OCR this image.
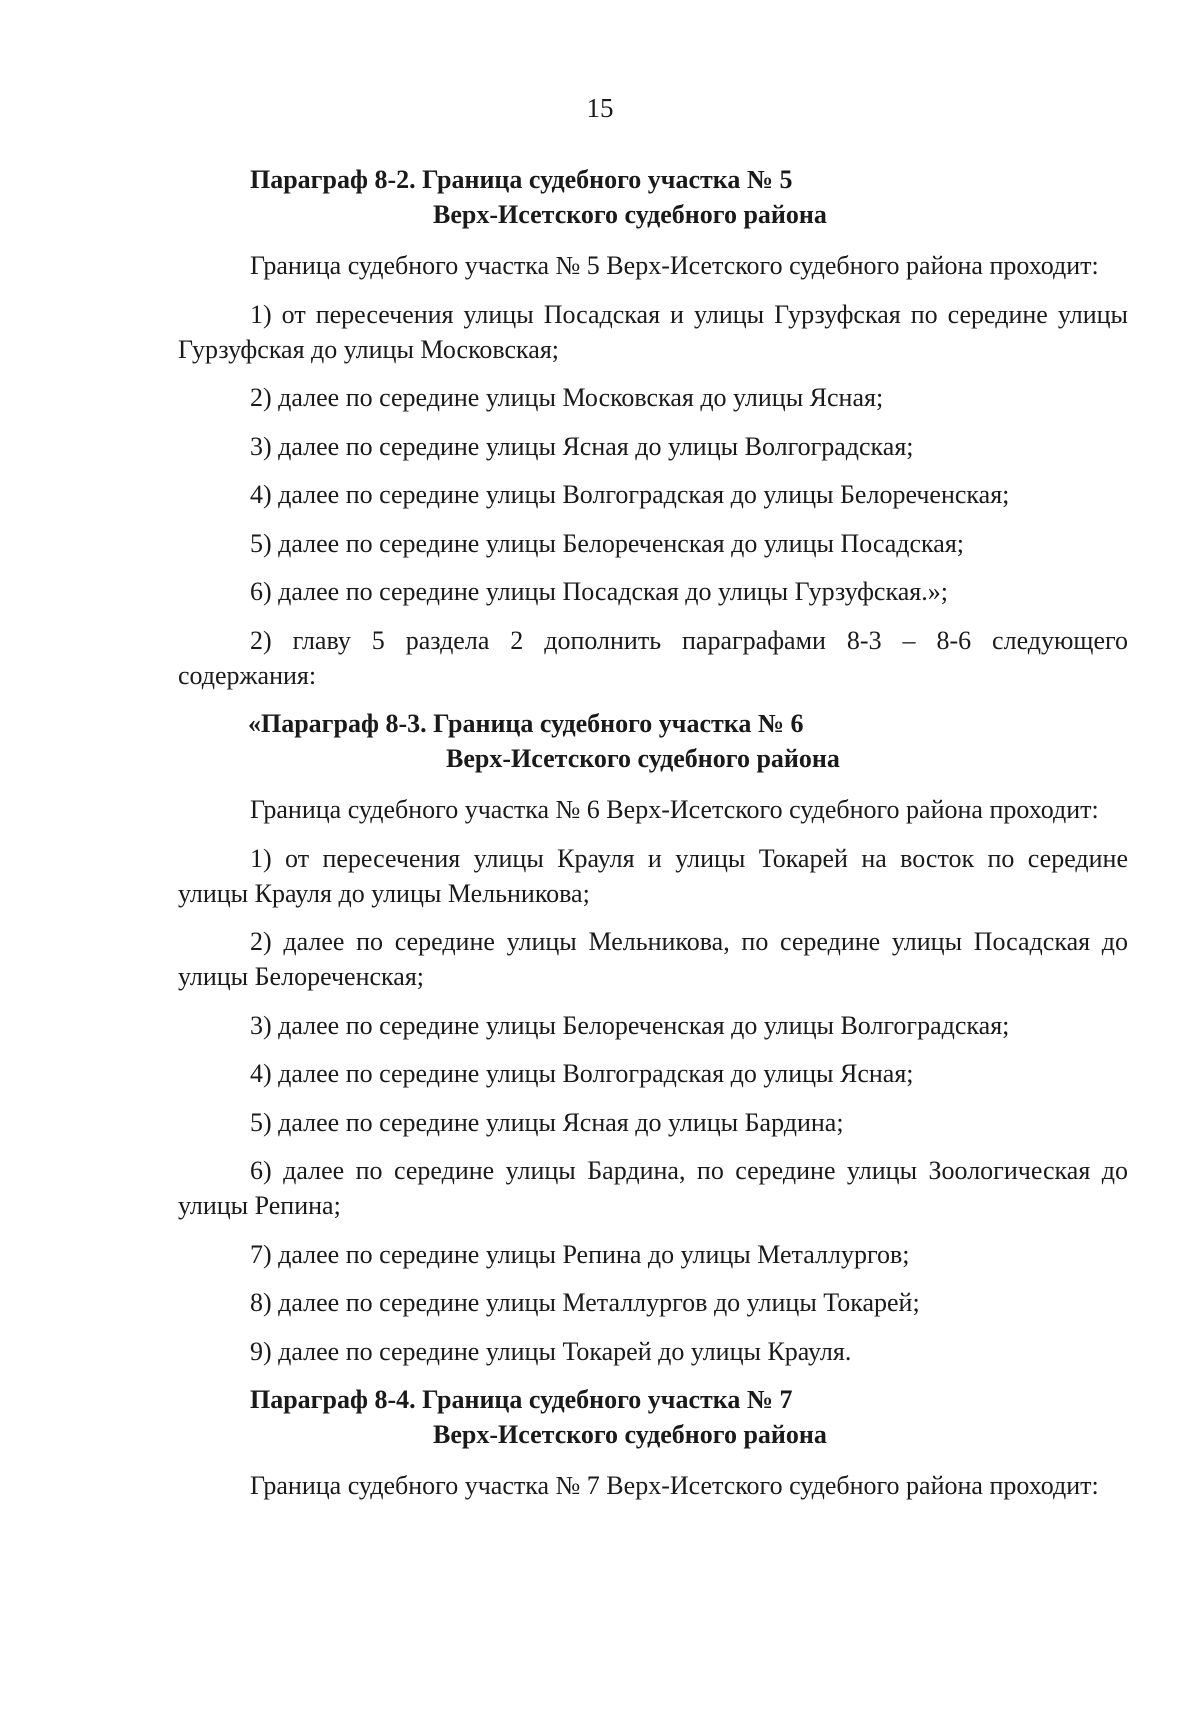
15
Параграф 8-2. Граница судебного участка № 5
Верх-Исетского судебного района

Граница судебного участка № 5 Верх-Исетского судебного района проходит:

1) от пересечения улицы Посадская и улицы Гурзуфская по середине улицы Гурзуфская до улицы Московская;

2) далее по середине улицы Московская до улицы Ясная;

3) далее по середине улицы Ясная до улицы Волгоградская;

4) далее по середине улицы Волгоградская до улицы Белореченская;

5) далее по середине улицы Белореченская до улицы Посадская;

6) далее по середине улицы Посадская до улицы Гурзуфская.»;

2) главу 5 раздела 2 дополнить параграфами 8-3 – 8-6 следующего содержания:

«Параграф 8-3. Граница судебного участка № 6
Верх-Исетского судебного района

Граница судебного участка № 6 Верх-Исетского судебного района проходит:

1) от пересечения улицы Крауля и улицы Токарей на восток по середине улицы Крауля до улицы Мельникова;

2) далее по середине улицы Мельникова, по середине улицы Посадская до улицы Белореченская;

3) далее по середине улицы Белореченская до улицы Волгоградская;

4) далее по середине улицы Волгоградская до улицы Ясная;

5) далее по середине улицы Ясная до улицы Бардина;

6) далее по середине улицы Бардина, по середине улицы Зоологическая до улицы Репина;

7) далее по середине улицы Репина до улицы Металлургов;

8) далее по середине улицы Металлургов до улицы Токарей;

9) далее по середине улицы Токарей до улицы Крауля.

Параграф 8-4. Граница судебного участка № 7
Верх-Исетского судебного района

Граница судебного участка № 7 Верх-Исетского судебного района проходит:
